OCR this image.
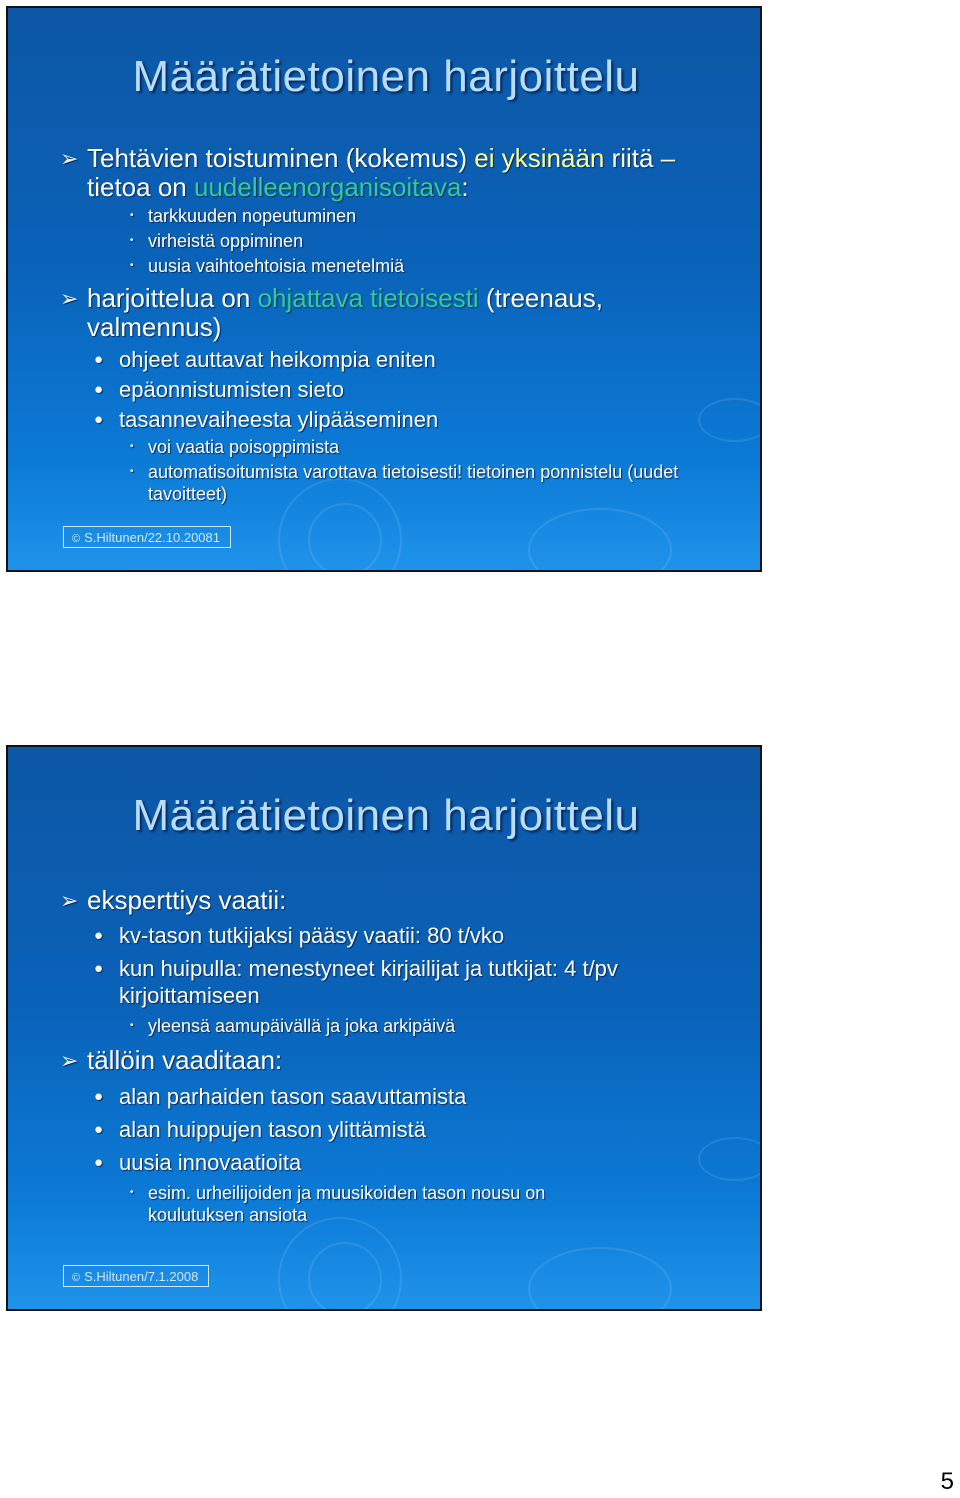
Määrätietoinen harjoittelu
➢ Tehtävien toistuminen (kokemus) ei yksinään riitä – tietoa on uudelleenorganisoitava:
• tarkkuuden nopeutuminen
• virheistä oppiminen
• uusia vaihtoehtoisia menetelmiä
➢ harjoittelua on ohjattava tietoisesti (treenaus, valmennus)
● ohjeet auttavat heikompia eniten
● epäonnistumisten sieto
● tasannevaiheesta ylipääseminen
• voi vaatia poisoppimista
• automatisoitumista varottava tietoisesti! tietoinen ponnistelu (uudet tavoitteet)
© S.Hiltunen/22.10.20081
Määrätietoinen harjoittelu
➢ eksperttiys vaatii:
● kv-tason tutkijaksi pääsy vaatii: 80 t/vko
● kun huipulla: menestyneet kirjailijat ja tutkijat: 4 t/pv kirjoittamiseen
• yleensä aamupäivällä ja joka arkipäivä
➢ tällöin vaaditaan:
● alan parhaiden tason saavuttamista
● alan huippujen tason ylittämistä
● uusia innovaatioita
• esim. urheilijoiden ja muusikoiden tason nousu on koulutuksen ansiota
© S.Hiltunen/7.1.2008
5
